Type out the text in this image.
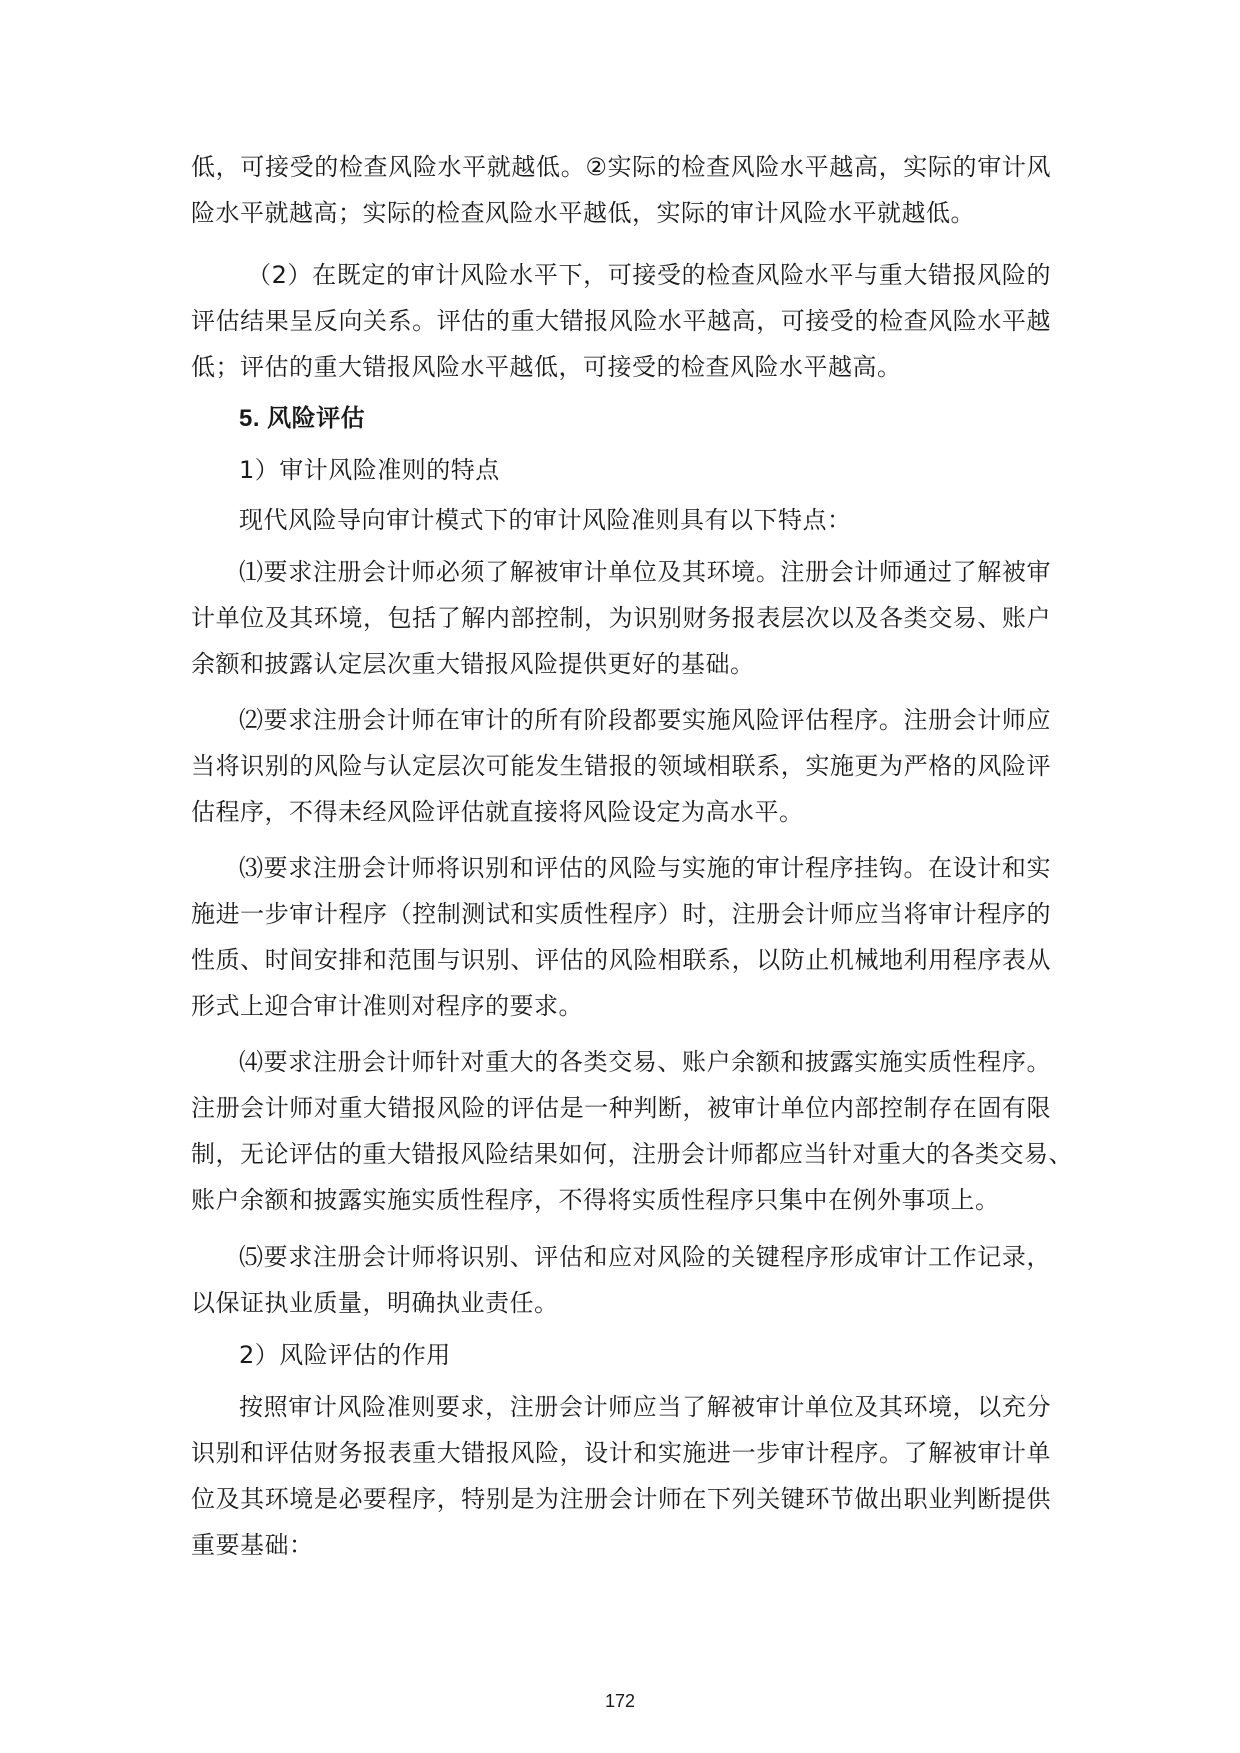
低，可接受的检查风险水平就越低。②实际的检查风险水平越高，实际的审计风
险水平就越高；实际的检查风险水平越低，实际的审计风险水平就越低。
（2）在既定的审计风险水平下，可接受的检查风险水平与重大错报风险的
评估结果呈反向关系。评估的重大错报风险水平越高，可接受的检查风险水平越
低；评估的重大错报风险水平越低，可接受的检查风险水平越高。
5. 风险评估
1）审计风险准则的特点
现代风险导向审计模式下的审计风险准则具有以下特点：
⑴要求注册会计师必须了解被审计单位及其环境。注册会计师通过了解被审
计单位及其环境，包括了解内部控制，为识别财务报表层次以及各类交易、账户
余额和披露认定层次重大错报风险提供更好的基础。
⑵要求注册会计师在审计的所有阶段都要实施风险评估程序。注册会计师应
当将识别的风险与认定层次可能发生错报的领域相联系，实施更为严格的风险评
估程序，不得未经风险评估就直接将风险设定为高水平。
⑶要求注册会计师将识别和评估的风险与实施的审计程序挂钩。在设计和实
施进一步审计程序（控制测试和实质性程序）时，注册会计师应当将审计程序的
性质、时间安排和范围与识别、评估的风险相联系，以防止机械地利用程序表从
形式上迎合审计准则对程序的要求。
⑷要求注册会计师针对重大的各类交易、账户余额和披露实施实质性程序。
注册会计师对重大错报风险的评估是一种判断，被审计单位内部控制存在固有限
制，无论评估的重大错报风险结果如何，注册会计师都应当针对重大的各类交易、
账户余额和披露实施实质性程序，不得将实质性程序只集中在例外事项上。
⑸要求注册会计师将识别、评估和应对风险的关键程序形成审计工作记录，
以保证执业质量，明确执业责任。
2）风险评估的作用
按照审计风险准则要求，注册会计师应当了解被审计单位及其环境，以充分
识别和评估财务报表重大错报风险，设计和实施进一步审计程序。了解被审计单
位及其环境是必要程序，特别是为注册会计师在下列关键环节做出职业判断提供
重要基础：
172
